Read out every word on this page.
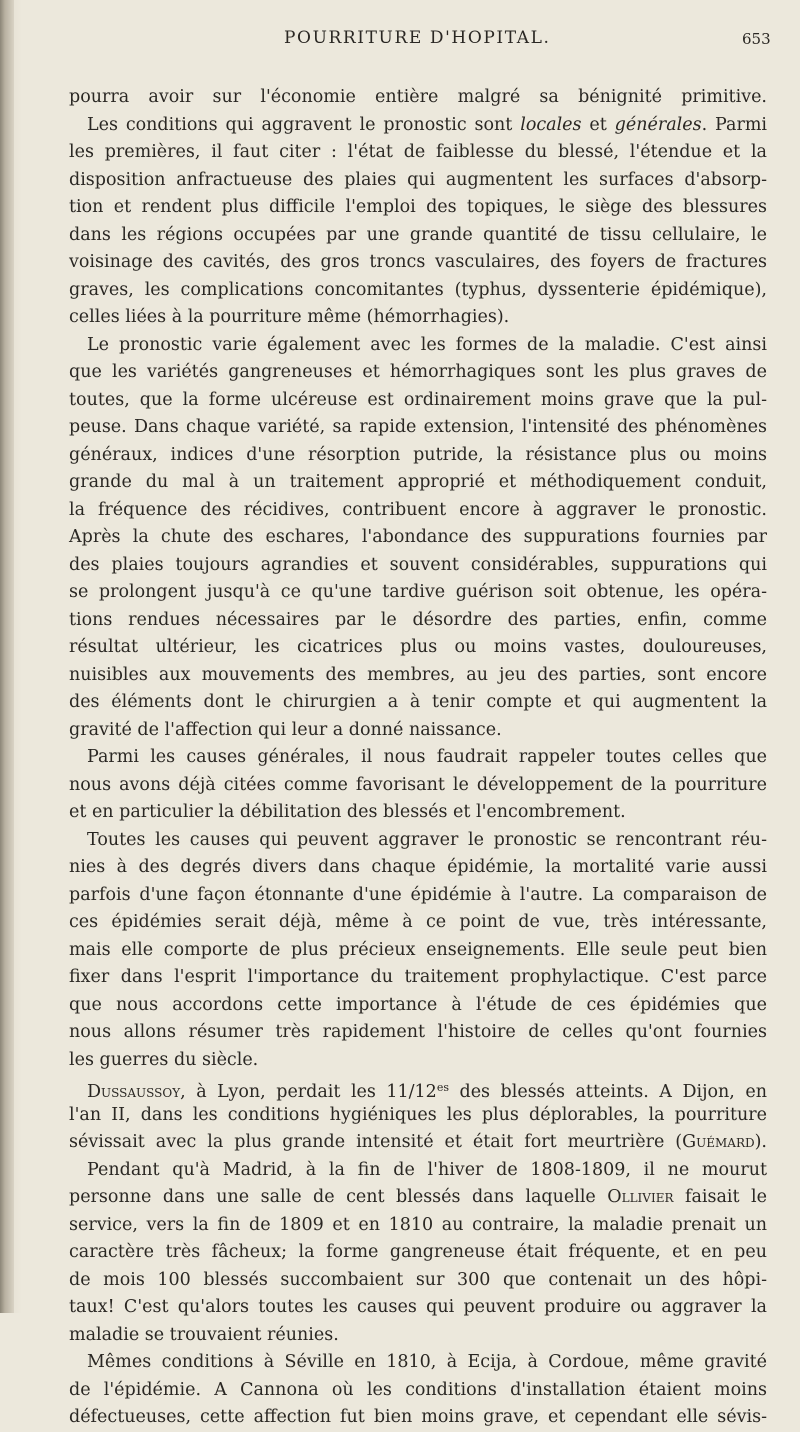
POURRITURE D'HOPITAL.	653
pourra avoir sur l'économie entière malgré sa bénignité primitive.
Les conditions qui aggravent le pronostic sont locales et générales. Parmi
les premières, il faut citer : l'état de faiblesse du blessé, l'étendue et la
disposition anfractueuse des plaies qui augmentent les surfaces d'absorp-
tion et rendent plus difficile l'emploi des topiques, le siège des blessures
dans les régions occupées par une grande quantité de tissu cellulaire, le
voisinage des cavités, des gros troncs vasculaires, des foyers de fractures
graves, les complications concomitantes (typhus, dyssenterie épidémique),
celles liées à la pourriture même (hémorrhagies).
Le pronostic varie également avec les formes de la maladie. C'est ainsi
que les variétés gangreneuses et hémorrhagiques sont les plus graves de
toutes, que la forme ulcéreuse est ordinairement moins grave que la pul-
peuse. Dans chaque variété, sa rapide extension, l'intensité des phénomènes
généraux, indices d'une résorption putride, la résistance plus ou moins
grande du mal à un traitement approprié et méthodiquement conduit,
la fréquence des récidives, contribuent encore à aggraver le pronostic.
Après la chute des eschares, l'abondance des suppurations fournies par
des plaies toujours agrandies et souvent considérables, suppurations qui
se prolongent jusqu'à ce qu'une tardive guérison soit obtenue, les opéra-
tions rendues nécessaires par le désordre des parties, enfin, comme
résultat ultérieur, les cicatrices plus ou moins vastes, douloureuses,
nuisibles aux mouvements des membres, au jeu des parties, sont encore
des éléments dont le chirurgien a à tenir compte et qui augmentent la
gravité de l'affection qui leur a donné naissance.
Parmi les causes générales, il nous faudrait rappeler toutes celles que
nous avons déjà citées comme favorisant le développement de la pourriture
et en particulier la débilitation des blessés et l'encombrement.
Toutes les causes qui peuvent aggraver le pronostic se rencontrant réu-
nies à des degrés divers dans chaque épidémie, la mortalité varie aussi
parfois d'une façon étonnante d'une épidémie à l'autre. La comparaison de
ces épidémies serait déjà, même à ce point de vue, très intéressante,
mais elle comporte de plus précieux enseignements. Elle seule peut bien
fixer dans l'esprit l'importance du traitement prophylactique. C'est parce
que nous accordons cette importance à l'étude de ces épidémies que
nous allons résumer très rapidement l'histoire de celles qu'ont fournies
les guerres du siècle.
Dussaussoy, à Lyon, perdait les $11/12^{es}$ des blessés atteints. A Dijon, en
l'an II, dans les conditions hygiéniques les plus déplorables, la pourriture
sévissait avec la plus grande intensité et était fort meurtrière (Guémard).
Pendant qu'à Madrid, à la fin de l'hiver de 1808-1809, il ne mourut
personne dans une salle de cent blessés dans laquelle Ollivier faisait le
service, vers la fin de 1809 et en 1810 au contraire, la maladie prenait un
caractère très fâcheux; la forme gangreneuse était fréquente, et en peu
de mois 100 blessés succombaient sur 300 que contenait un des hôpi-
taux! C'est qu'alors toutes les causes qui peuvent produire ou aggraver la
maladie se trouvaient réunies.
Mêmes conditions à Séville en 1810, à Ecija, à Cordoue, même gravité
de l'épidémie. A Cannona où les conditions d'installation étaient moins
défectueuses, cette affection fut bien moins grave, et cependant elle sévis-
